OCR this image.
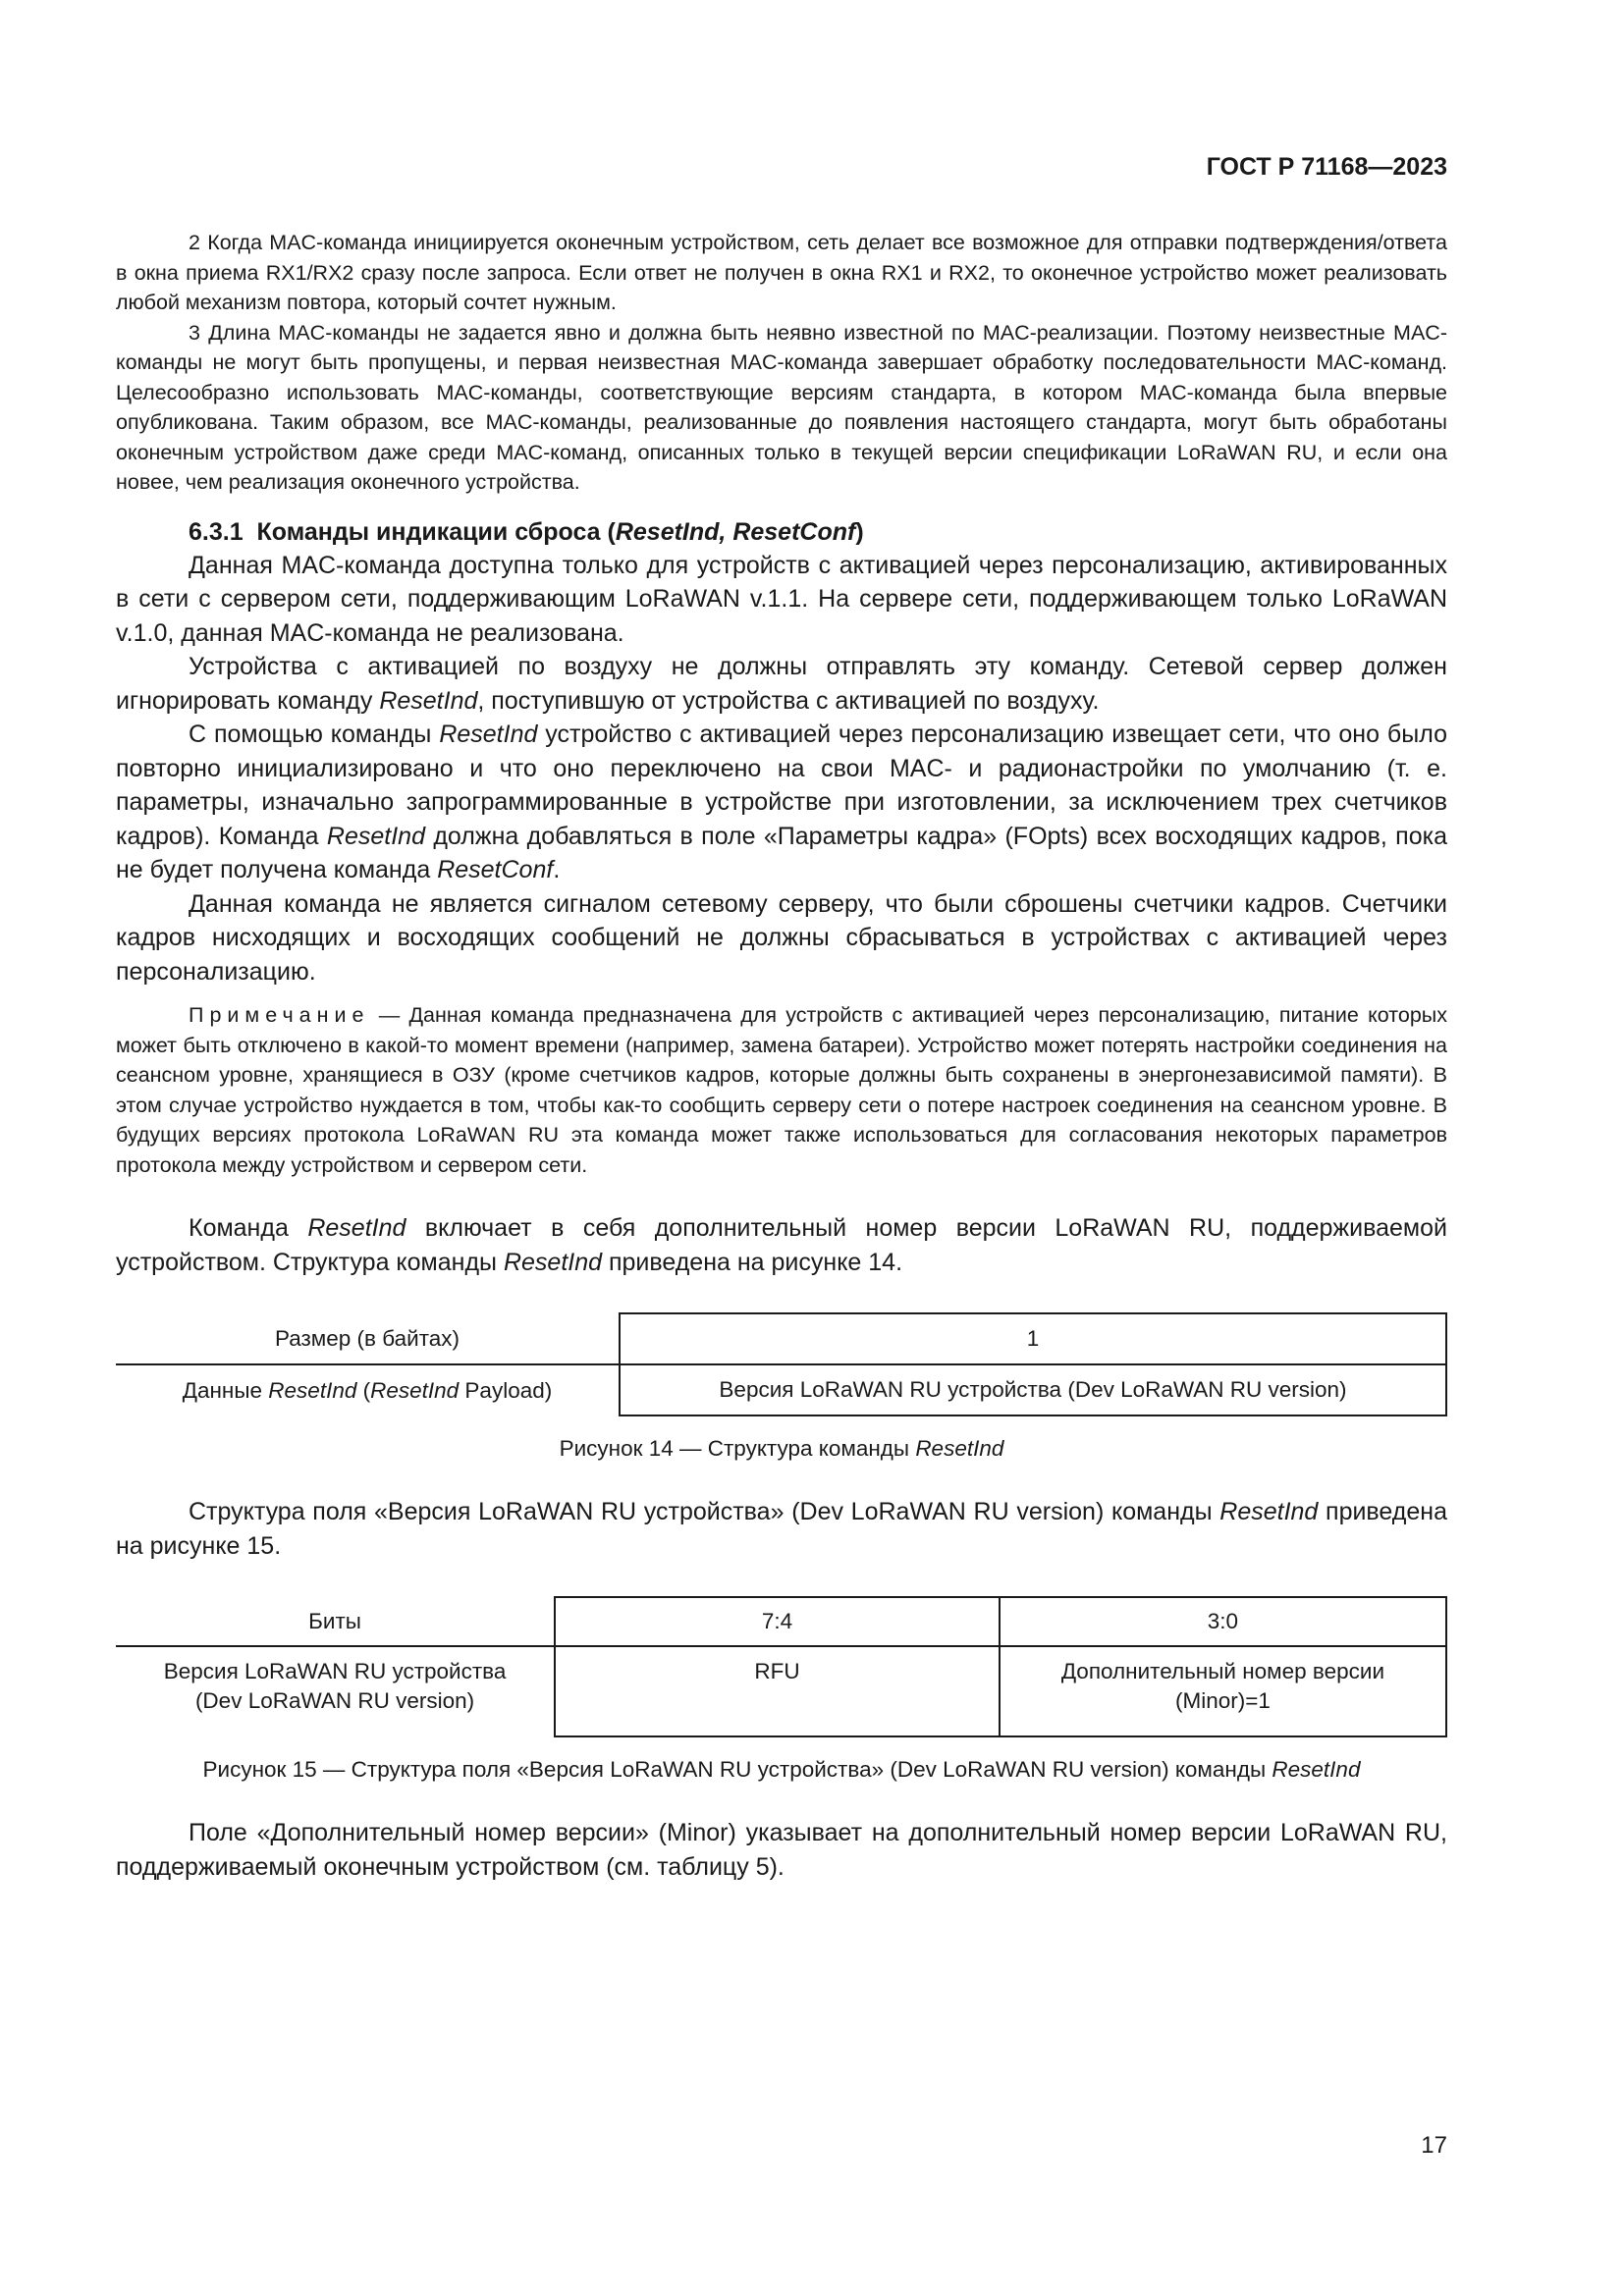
ГОСТ Р 71168—2023

2 Когда MAC-команда инициируется оконечным устройством, сеть делает все возможное для отправки подтверждения/ответа в окна приема RX1/RX2 сразу после запроса. Если ответ не получен в окна RX1 и RX2, то оконечное устройство может реализовать любой механизм повтора, который сочтет нужным.

3 Длина MAC-команды не задается явно и должна быть неявно известной по MAC-реализации. Поэтому неизвестные MAC-команды не могут быть пропущены, и первая неизвестная MAC-команда завершает обработку последовательности MAC-команд. Целесообразно использовать MAC-команды, соответствующие версиям стандарта, в котором MAC-команда была впервые опубликована. Таким образом, все MAC-команды, реализованные до появления настоящего стандарта, могут быть обработаны оконечным устройством даже среди MAC-команд, описанных только в текущей версии спецификации LoRaWAN RU, и если она новее, чем реализация оконечного устройства.

6.3.1 Команды индикации сброса (ResetInd, ResetConf)

Данная MAC-команда доступна только для устройств с активацией через персонализацию, активированных в сети с сервером сети, поддерживающим LoRaWAN v.1.1. На сервере сети, поддерживающем только LoRaWAN v.1.0, данная MAC-команда не реализована.

Устройства с активацией по воздуху не должны отправлять эту команду. Сетевой сервер должен игнорировать команду ResetInd, поступившую от устройства с активацией по воздуху.

С помощью команды ResetInd устройство с активацией через персонализацию извещает сети, что оно было повторно инициализировано и что оно переключено на свои MAC- и радионастройки по умолчанию (т. е. параметры, изначально запрограммированные в устройстве при изготовлении, за исключением трех счетчиков кадров). Команда ResetInd должна добавляться в поле «Параметры кадра» (FOpts) всех восходящих кадров, пока не будет получена команда ResetConf.

Данная команда не является сигналом сетевому серверу, что были сброшены счетчики кадров. Счетчики кадров нисходящих и восходящих сообщений не должны сбрасываться в устройствах с активацией через персонализацию.

Примечание — Данная команда предназначена для устройств с активацией через персонализацию, питание которых может быть отключено в какой-то момент времени (например, замена батареи). Устройство может потерять настройки соединения на сеансном уровне, хранящиеся в ОЗУ (кроме счетчиков кадров, которые должны быть сохранены в энергонезависимой памяти). В этом случае устройство нуждается в том, чтобы как-то сообщить серверу сети о потере настроек соединения на сеансном уровне. В будущих версиях протокола LoRaWAN RU эта команда может также использоваться для согласования некоторых параметров протокола между устройством и сервером сети.

Команда ResetInd включает в себя дополнительный номер версии LoRaWAN RU, поддерживаемой устройством. Структура команды ResetInd приведена на рисунке 14.

Размер (в байтах)	1
Данные ResetInd (ResetInd Payload)	Версия LoRaWAN RU устройства (Dev LoRaWAN RU version)
Рисунок 14 — Структура команды ResetInd

Структура поля «Версия LoRaWAN RU устройства» (Dev LoRaWAN RU version) команды ResetInd приведена на рисунке 15.

Биты	7:4	3:0
Версия LoRaWAN RU устройства
(Dev LoRaWAN RU version)	RFU	Дополнительный номер версии
(Minor)=1
Рисунок 15 — Структура поля «Версия LoRaWAN RU устройства» (Dev LoRaWAN RU version) команды ResetInd

Поле «Дополнительный номер версии» (Minor) указывает на дополнительный номер версии LoRaWAN RU, поддерживаемый оконечным устройством (см. таблицу 5).

17
